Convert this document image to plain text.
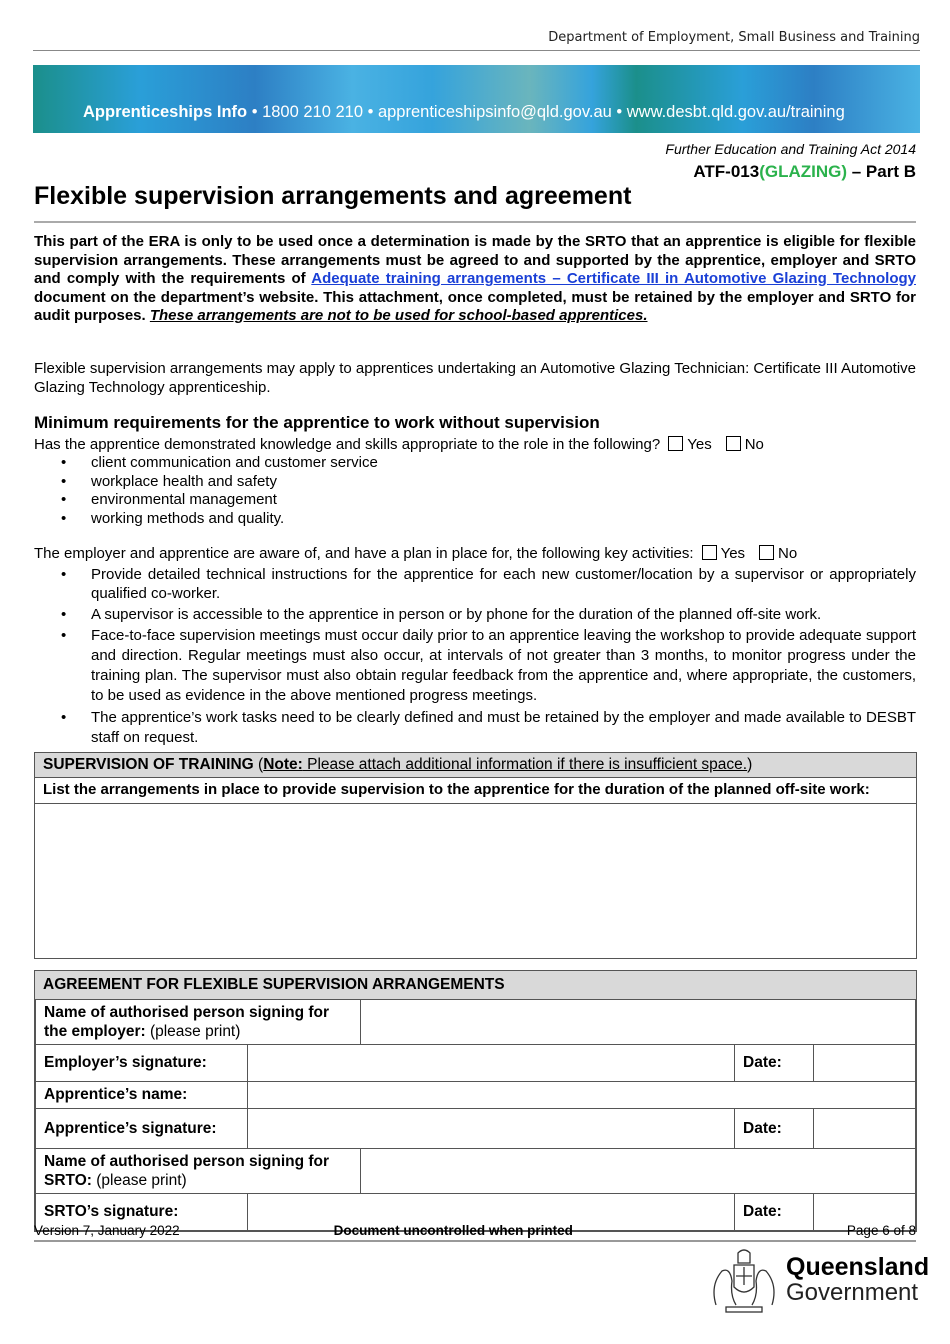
Department of Employment, Small Business and Training
Apprenticeships Info • 1800 210 210 • apprenticeshipsinfo@qld.gov.au • www.desbt.qld.gov.au/training
Further Education and Training Act 2014
ATF-013(GLAZING) – Part B
Flexible supervision arrangements and agreement
This part of the ERA is only to be used once a determination is made by the SRTO that an apprentice is eligible for flexible supervision arrangements. These arrangements must be agreed to and supported by the apprentice, employer and SRTO and comply with the requirements of Adequate training arrangements – Certificate III in Automotive Glazing Technology document on the department’s website. This attachment, once completed, must be retained by the employer and SRTO for audit purposes. These arrangements are not to be used for school-based apprentices.
Flexible supervision arrangements may apply to apprentices undertaking an Automotive Glazing Technician: Certificate III Automotive Glazing Technology apprenticeship.
Minimum requirements for the apprentice to work without supervision
Has the apprentice demonstrated knowledge and skills appropriate to the role in the following? Yes No
• client communication and customer service
• workplace health and safety
• environmental management
• working methods and quality.
The employer and apprentice are aware of, and have a plan in place for, the following key activities: Yes No
• Provide detailed technical instructions for the apprentice for each new customer/location by a supervisor or appropriately qualified co-worker.
• A supervisor is accessible to the apprentice in person or by phone for the duration of the planned off-site work.
• Face-to-face supervision meetings must occur daily prior to an apprentice leaving the workshop to provide adequate support and direction. Regular meetings must also occur, at intervals of not greater than 3 months, to monitor progress under the training plan. The supervisor must also obtain regular feedback from the apprentice and, where appropriate, the customers, to be used as evidence in the above mentioned progress meetings.
• The apprentice’s work tasks need to be clearly defined and must be retained by the employer and made available to DESBT staff on request.
SUPERVISION OF TRAINING (Note: Please attach additional information if there is insufficient space.)
List the arrangements in place to provide supervision to the apprentice for the duration of the planned off-site work:
AGREEMENT FOR FLEXIBLE SUPERVISION ARRANGEMENTS
Name of authorised person signing for the employer: (please print)				
Employer’s signature:			Date:	
Apprentice’s name:				
Apprentice’s signature:			Date:	
Name of authorised person signing for SRTO: (please print)				
SRTO’s signature:			Date:	
Version 7, January 2022	Document uncontrolled when printed	Page 6 of 8
Queensland
Government
